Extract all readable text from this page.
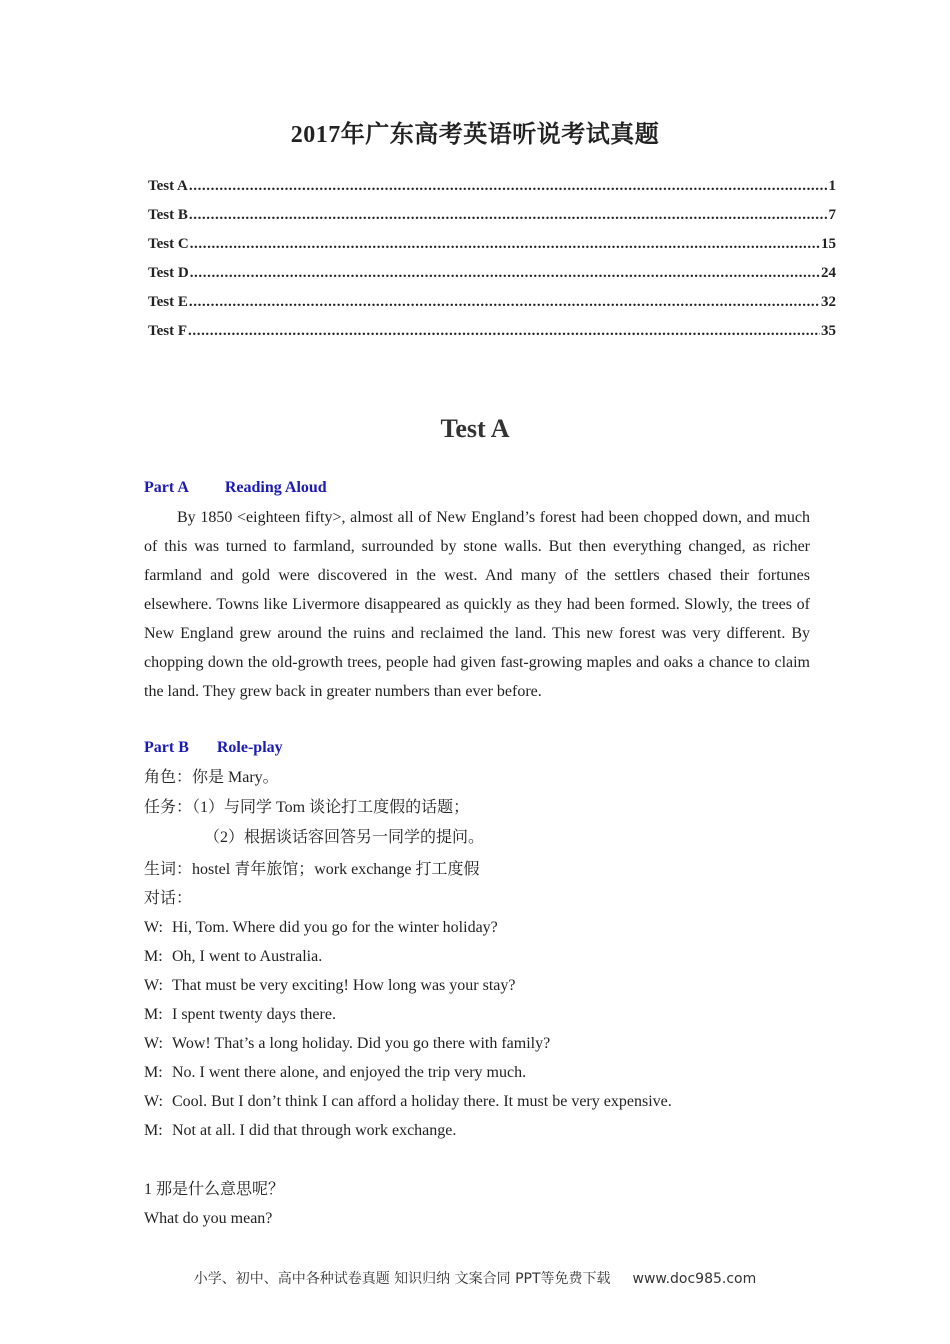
2017年广东高考英语听说考试真题
Test A .....	1
Test B .....	7
Test C .....	15
Test D .....	24
Test E .....	32
Test F .....	35
Test A
Part A Reading Aloud
By 1850 <eighteen fifty>, almost all of New England’s forest had been chopped down, and much of this was turned to farmland, surrounded by stone walls. But then everything changed, as richer farmland and gold were discovered in the west. And many of the settlers chased their fortunes elsewhere. Towns like Livermore disappeared as quickly as they had been formed. Slowly, the trees of New England grew around the ruins and reclaimed the land. This new forest was very different. By chopping down the old-growth trees, people had given fast-growing maples and oaks a chance to claim the land. They grew back in greater numbers than ever before.
Part B Role-play
角色：你是 Mary。
任务：（1）与同学 Tom 谈论打工度假的话题；
（2）根据谈话容回答另一同学的提问。
生词：hostel 青年旅馆；work exchange 打工度假
对话：
W: Hi, Tom. Where did you go for the winter holiday?
M: Oh, I went to Australia.
W: That must be very exciting! How long was your stay?
M: I spent twenty days there.
W: Wow! That’s a long holiday. Did you go there with family?
M: No. I went there alone, and enjoyed the trip very much.
W: Cool. But I don’t think I can afford a holiday there. It must be very expensive.
M: Not at all. I did that through work exchange.
1 那是什么意思呢？
What do you mean?
小学、初中、高中各种试卷真题 知识归纳 文案合同 PPT等免费下载 www.doc985.com
